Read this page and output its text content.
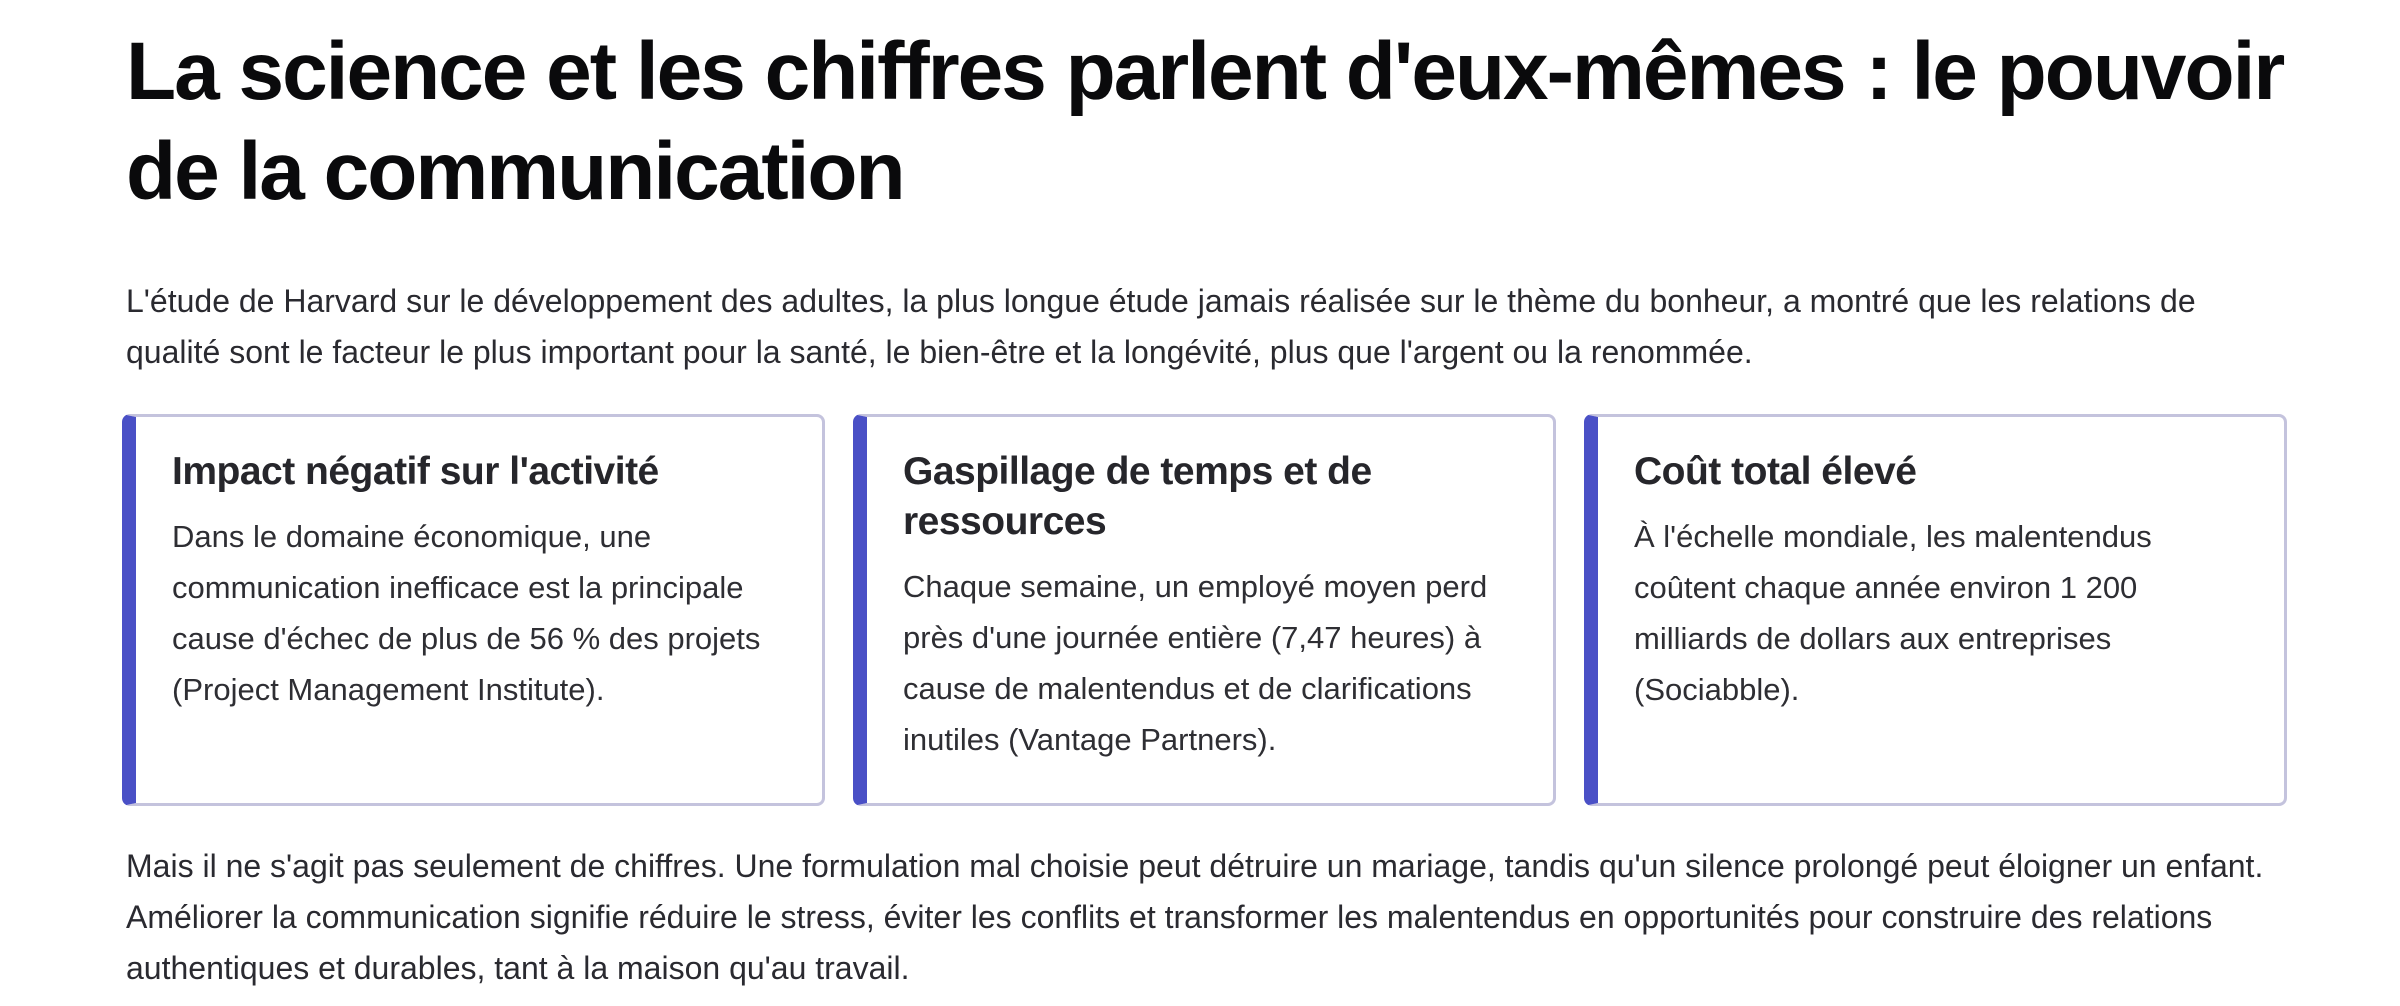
La science et les chiffres parlent d'eux-mêmes : le pouvoir de la communication

L'étude de Harvard sur le développement des adultes, la plus longue étude jamais réalisée sur le thème du bonheur, a montré que les relations de qualité sont le facteur le plus important pour la santé, le bien-être et la longévité, plus que l'argent ou la renommée.

Impact négatif sur l'activité

Dans le domaine économique, une communication inefficace est la principale cause d'échec de plus de 56 % des projets (Project Management Institute).

Gaspillage de temps et de ressources

Chaque semaine, un employé moyen perd près d'une journée entière (7,47 heures) à cause de malentendus et de clarifications inutiles (Vantage Partners).

Coût total élevé

À l'échelle mondiale, les malentendus coûtent chaque année environ 1 200 milliards de dollars aux entreprises (Sociabble).

Mais il ne s'agit pas seulement de chiffres. Une formulation mal choisie peut détruire un mariage, tandis qu'un silence prolongé peut éloigner un enfant. Améliorer la communication signifie réduire le stress, éviter les conflits et transformer les malentendus en opportunités pour construire des relations authentiques et durables, tant à la maison qu'au travail.
